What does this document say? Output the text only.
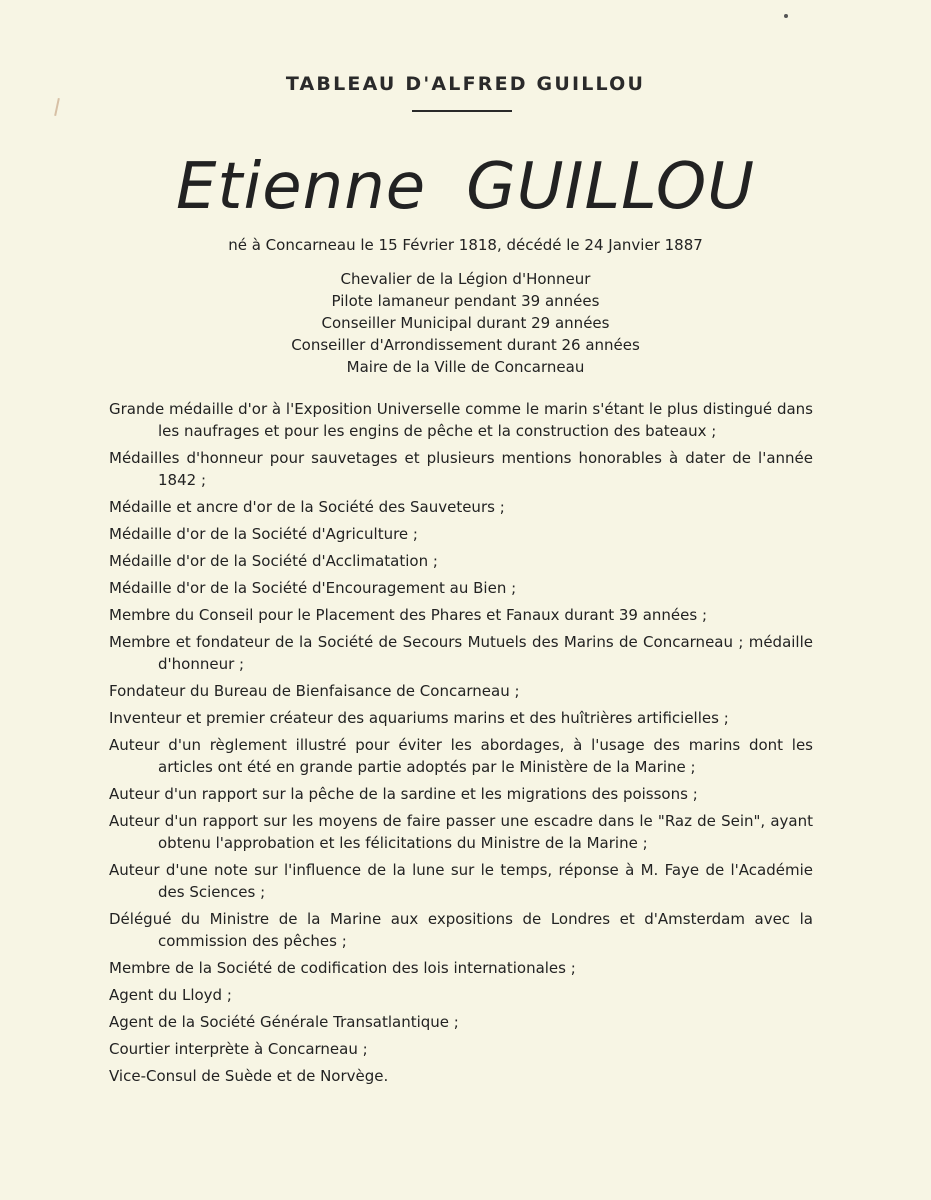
TABLEAU D'ALFRED GUILLOU
Etienne GUILLOU
né à Concarneau le 15 Février 1818, décédé le 24 Janvier 1887
Chevalier de la Légion d'Honneur
Pilote lamaneur pendant 39 années
Conseiller Municipal durant 29 années
Conseiller d'Arrondissement durant 26 années
Maire de la Ville de Concarneau
Grande médaille d'or à l'Exposition Universelle comme le marin s'étant le plus distingué dans les naufrages et pour les engins de pêche et la construction des bateaux ;
Médailles d'honneur pour sauvetages et plusieurs mentions honorables à dater de l'année 1842 ;
Médaille et ancre d'or de la Société des Sauveteurs ;
Médaille d'or de la Société d'Agriculture ;
Médaille d'or de la Société d'Acclimatation ;
Médaille d'or de la Société d'Encouragement au Bien ;
Membre du Conseil pour le Placement des Phares et Fanaux durant 39 années ;
Membre et fondateur de la Société de Secours Mutuels des Marins de Concarneau ; médaille d'honneur ;
Fondateur du Bureau de Bienfaisance de Concarneau ;
Inventeur et premier créateur des aquariums marins et des huîtrières artificielles ;
Auteur d'un règlement illustré pour éviter les abordages, à l'usage des marins dont les articles ont été en grande partie adoptés par le Ministère de la Marine ;
Auteur d'un rapport sur la pêche de la sardine et les migrations des poissons ;
Auteur d'un rapport sur les moyens de faire passer une escadre dans le "Raz de Sein", ayant obtenu l'approbation et les félicitations du Ministre de la Marine ;
Auteur d'une note sur l'influence de la lune sur le temps, réponse à M. Faye de l'Académie des Sciences ;
Délégué du Ministre de la Marine aux expositions de Londres et d'Amsterdam avec la commission des pêches ;
Membre de la Société de codification des lois internationales ;
Agent du Lloyd ;
Agent de la Société Générale Transatlantique ;
Courtier interprète à Concarneau ;
Vice-Consul de Suède et de Norvège.
